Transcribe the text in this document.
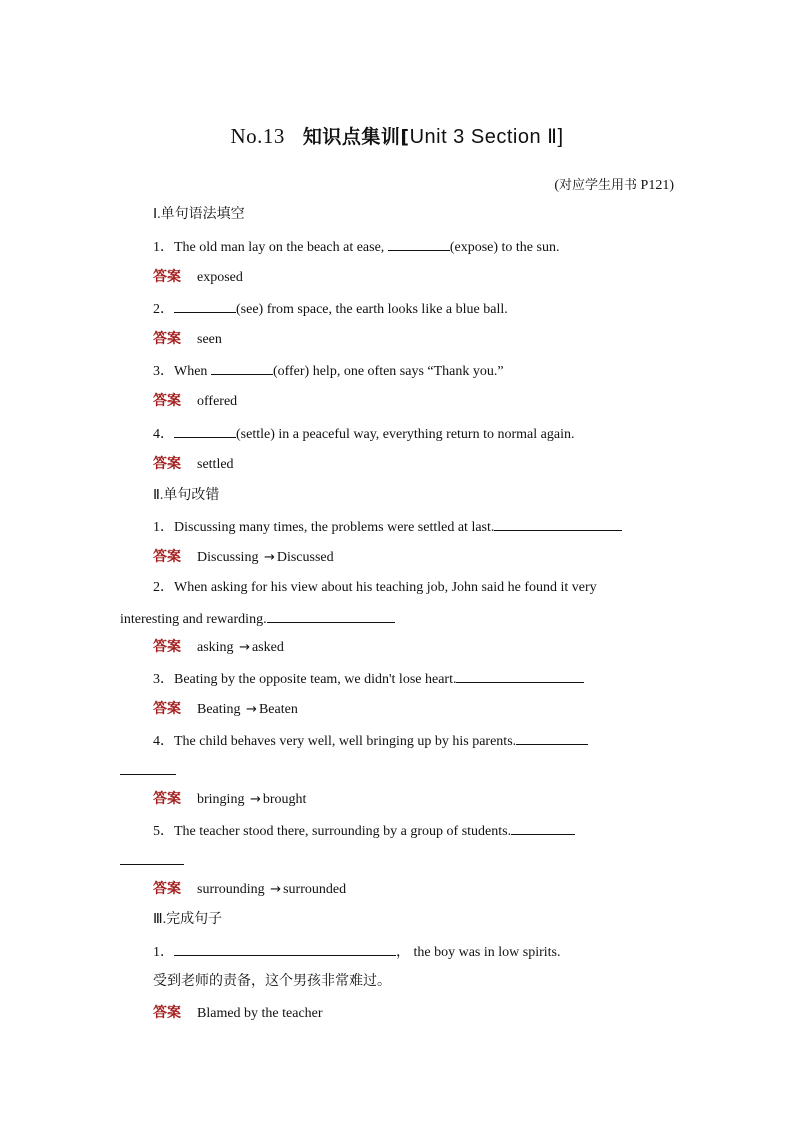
No.13 知识点集训[Unit 3 Section Ⅱ]
(对应学生用书 P121)
Ⅰ.单句语法填空
1．The old man lay on the beach at ease,	(expose) to the sun.
答案 exposed
2．	(see) from space, the earth looks like a blue ball.
答案 seen
3．When	(offer) help, one often says “Thank you.”
答案 offered
4．	(settle) in a peaceful way, everything return to normal again.
答案 settled
Ⅱ.单句改错
1．Discussing many times, the problems were settled at last.
答案 Discussing → Discussed
2．When asking for his view about his teaching job, John said he found it very
interesting and rewarding.
答案 asking → asked
3．Beating by the opposite team, we didn't lose heart.
答案 Beating → Beaten
4．The child behaves very well, well bringing up by his parents.
答案 bringing → brought
5．The teacher stood there, surrounding by a group of students.
答案 surrounding → surrounded
Ⅲ.完成句子
1．	， the boy was in low spirits.
受到老师的责备，这个男孩非常难过。
答案 Blamed by the teacher
